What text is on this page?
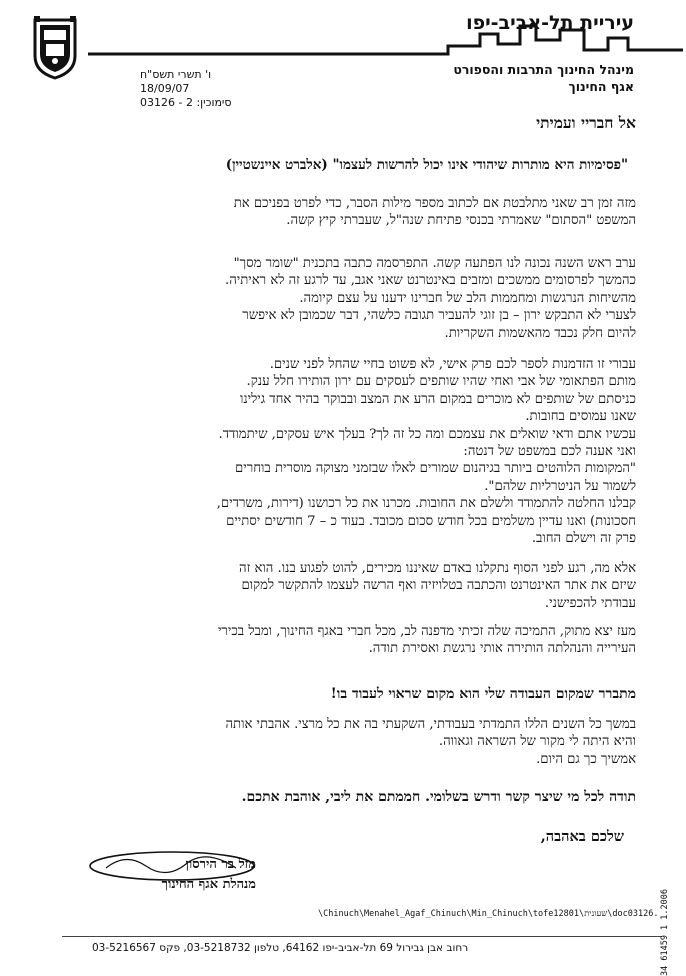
עיריית תל-אביב-יפו
מינהל החינוך התרבות והספורט
אגף החינוך
ו' תשרי תשס"ח
18/09/07
סימוכין: 2 - 03126
אל חבריי ועמיתי
"פסימיות היא מותרות שיהודי אינו יכול להרשות לעצמו" (אלברט איינשטיין)
מזה זמן רב שאני מתלבטת אם לכתוב מספר מילות הסבר, כדי לפרט בפניכם את
המשפט "הסתום" שאמרתי בכנסי פתיחת שנה"ל, שעברתי קיץ קשה.
ערב ראש השנה נכונה לנו הפתעה קשה. התפרסמה כתבה בתכנית "שומר מסך"
כהמשך לפרסומים ממשכים ומזבים באינטרנט שאני אגב, עד לרגע זה לא ראיתיה.
מהשיחות הנרגשות ומחממות הלב של חברינו ידענו על עצם קיומה.
לצערי לא התבקש ירון – בן זוגי להעביר תגובה כלשהי, דבר שכמובן לא איפשר
להיום חלק נכבד מהאשמות השקריות.
עבורי זו הזדמנות לספר לכם פרק אישי, לא פשוט בחיי שהחל לפני שנים.
מותם הפתאומי של אבי ואחי שהיו שותפים לעסקים עם ירון הותירו חלל ענק.
כניסתם של שותפים לא מוכרים במקום הרע את המצב ובבוקר בהיר אחד גילינו
שאנו עמוסים בחובות.
עכשיו אתם ודאי שואלים את עצמכם ומה כל זה לך? בעלך איש עסקים, שיתמודד.
ואני אענה לכם במשפט של דנטה:
"המקומות הלוהטים ביותר בגיהנום שמורים לאלו שבזמני מצוקה מוסרית בוחרים
לשמור על הניטרליות שלהם".
קבלנו החלטה להתמודד ולשלם את החובות. מכרנו את כל רכושנו (דירות, משרדים,
חסכונות) ואנו עדיין משלמים בכל חודש סכום מכובד. בעוד כ – 7 חודשים יסתיים
פרק זה וישלם החוב.
אלא מה, רגע לפני הסוף נתקלנו באדם שאיננו מכירים, להוט לפגוע בנו. הוא זה
שיזם את אתר האינטרנט והכתבה בטלויזיה ואף הרשה לעצמו להתקשר למקום
עבודתי להכפישני.
מעז יצא מתוק, התמיכה שלה זכיתי מדפנה לב, מכל חברי באגף החינוך, ומבל בכירי
העירייה והנהלתה הותירה אותי נרגשת ואסירת תודה.
מתברר שמקום העבודה שלי הוא מקום שראוי לעבוד בו!
במשך כל השנים הללו התמדתי בעבודתי, השקעתי בה את כל מרצי. אהבתי אותה
והיא היתה לי מקור של השראה וגאווה.
אמשיך כך גם היום.
תודה לכל מי שיצר קשר ודרש בשלומי. חממתם את ליבי, אוהבת אתכם.
שלכם באהבה,
מזל בר הירסון
מנהלת אגף החינוך
\Chinuch\Menahel_Agaf_Chinuch\Min_Chinuch\tofe12801\שעונית\doc03126.
רחוב אבן גבירול 69 תל-אביב-יפו 64162, טלפון 03-5218732, פקס 03-5216567	34 61459 1 1.2006
